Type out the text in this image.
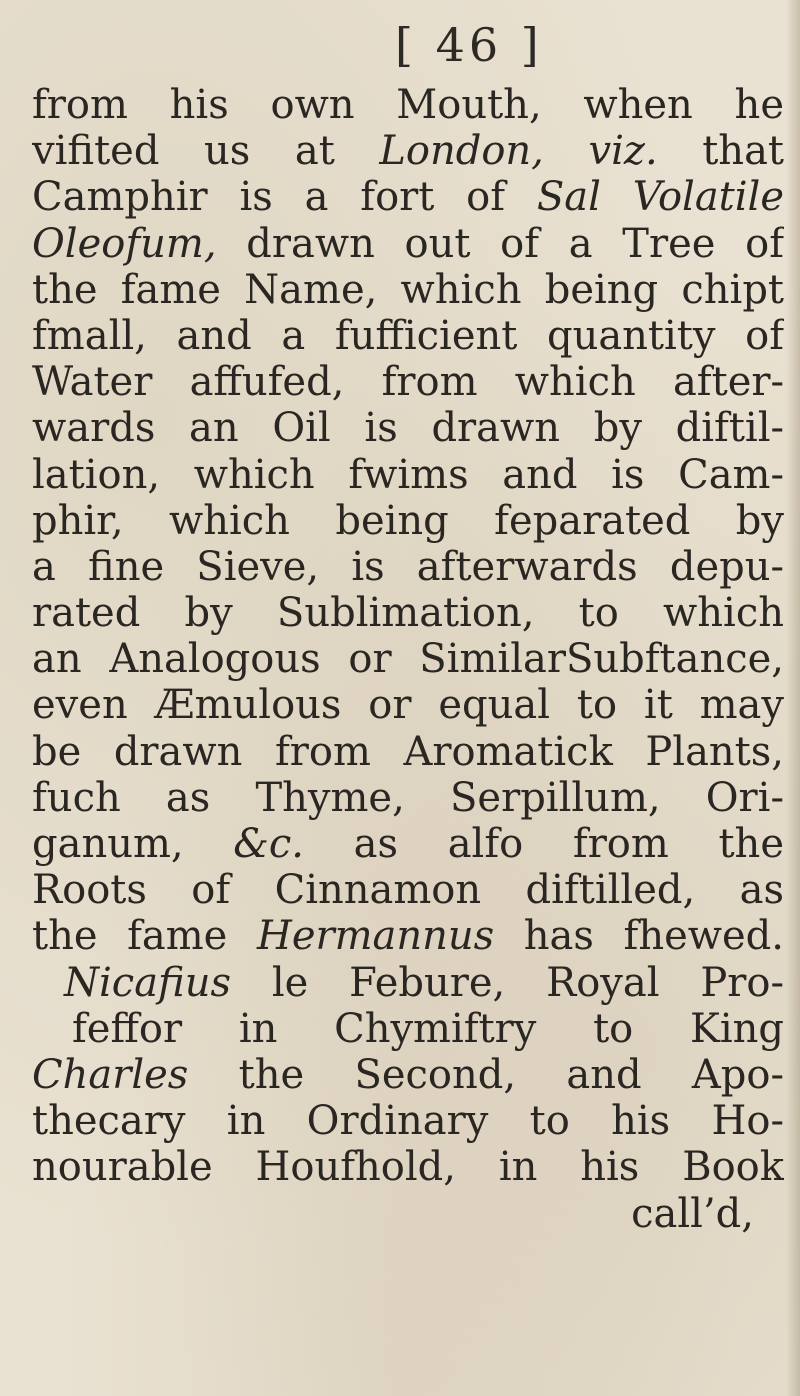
[ 46 ]
from his own Mouth, when he
vifited us at London, viz. that
Camphir is a fort of Sal Volatile
Oleofum, drawn out of a Tree of
the fame Name, which being chipt
fmall, and a fufficient quantity of
Water affufed, from which after-
wards an Oil is drawn by diftil-
lation, which fwims and is Cam-
phir, which being feparated by
a fine Sieve, is afterwards depu-
rated by Sublimation, to which
an Analogous or SimilarSubftance,
even Æmulous or equal to it may
be drawn from Aromatick Plants,
fuch as Thyme, Serpillum, Ori-
ganum, &c. as alfo from the
Roots of Cinnamon diftilled, as
the fame Hermannus has fhewed.
Nicafius le Febure, Royal Pro-
feffor in Chymiftry to King
Charles the Second, and Apo-
thecary in Ordinary to his Ho-
nourable Houfhold, in his Book
call’d,
